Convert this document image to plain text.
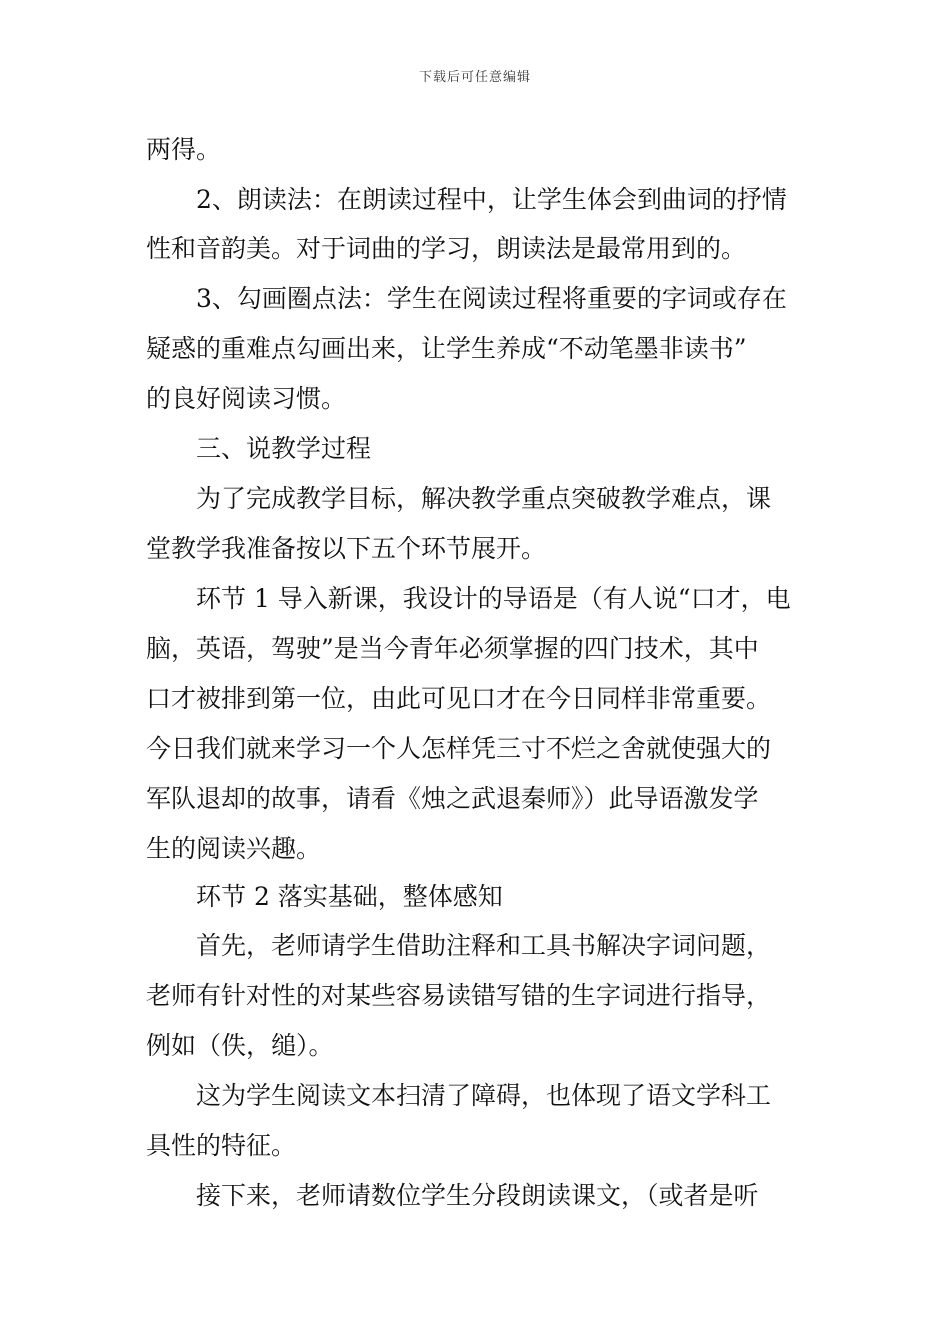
下载后可任意编辑
两得。
2、朗读法：在朗读过程中，让学生体会到曲词的抒情
性和音韵美。对于词曲的学习，朗读法是最常用到的。
3、勾画圈点法：学生在阅读过程将重要的字词或存在
疑惑的重难点勾画出来，让学生养成“不动笔墨非读书”
的良好阅读习惯。
三、说教学过程
为了完成教学目标，解决教学重点突破教学难点，课
堂教学我准备按以下五个环节展开。
环节 1 导入新课，我设计的导语是（有人说“口才，电
脑，英语，驾驶”是当今青年必须掌握的四门技术，其中
口才被排到第一位，由此可见口才在今日同样非常重要。
今日我们就来学习一个人怎样凭三寸不烂之舍就使强大的
军队退却的故事，请看《烛之武退秦师》）此导语激发学
生的阅读兴趣。
环节 2 落实基础，整体感知
首先，老师请学生借助注释和工具书解决字词问题，
老师有针对性的对某些容易读错写错的生字词进行指导，
例如（佚，缒）。
这为学生阅读文本扫清了障碍，也体现了语文学科工
具性的特征。
接下来，老师请数位学生分段朗读课文，（或者是听
